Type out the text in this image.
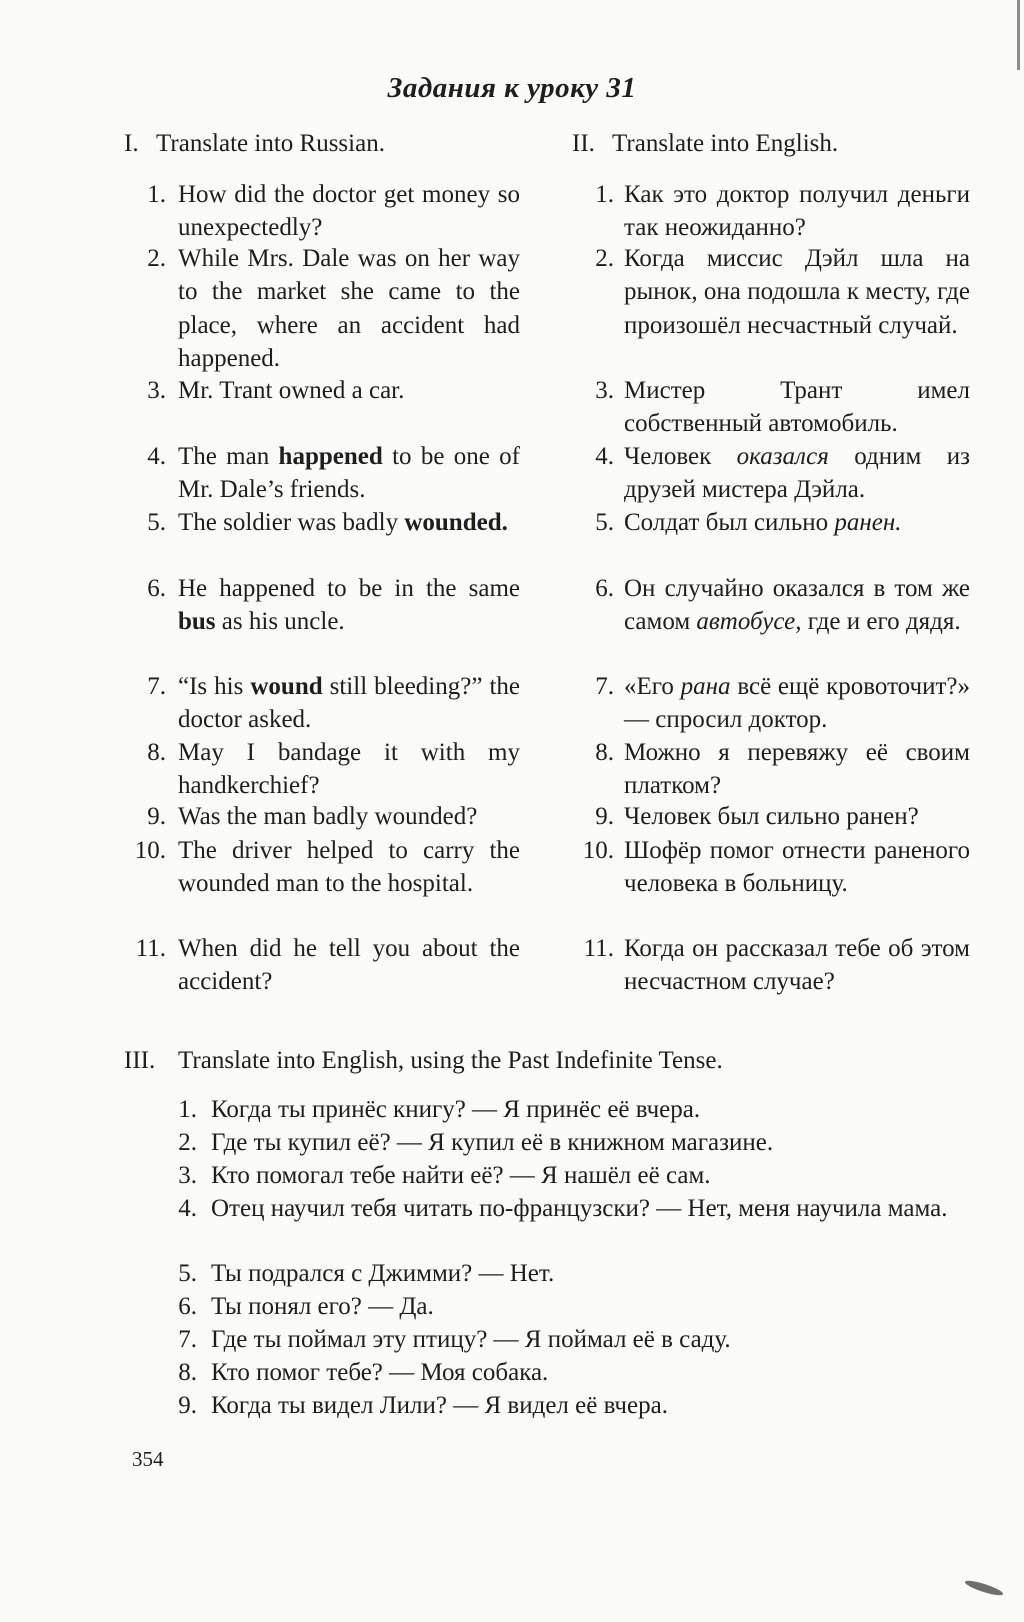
Задания к уроку 31
I. Translate into Russian.	II. Translate into English.
1. How did the doctor get money so unexpectedly?
2. While Mrs. Dale was on her way to the market she came to the place, where an accident had happened.
3. Mr. Trant owned a car.
4. The man happened to be one of Mr. Dale’s friends.
5. The soldier was badly wounded.
6. He happened to be in the same bus as his uncle.
7. “Is his wound still bleeding?” the doctor asked.
8. May I bandage it with my handkerchief?
9. Was the man badly wounded?
10. The driver helped to carry the wounded man to the hospital.
11. When did he tell you about the accident?
1. Как это доктор получил деньги так неожиданно?
2. Когда миссис Дэйл шла на рынок, она подошла к месту, где произошёл несчастный случай.
3. Мистер Трант имел собственный автомобиль.
4. Человек оказался одним из друзей мистера Дэйла.
5. Солдат был сильно ранен.
6. Он случайно оказался в том же самом автобусе, где и его дядя.
7. «Его рана всё ещё кровоточит?» — спросил доктор.
8. Можно я перевяжу её своим платком?
9. Человек был сильно ранен?
10. Шофёр помог отнести раненого человека в больницу.
11. Когда он рассказал тебе об этом несчастном случае?
III. Translate into English, using the Past Indefinite Tense.
1. Когда ты принёс книгу? — Я принёс её вчера.
2. Где ты купил её? — Я купил её в книжном магазине.
3. Кто помогал тебе найти её? — Я нашёл её сам.
4. Отец научил тебя читать по-французски? — Нет, меня научила мама.
5. Ты подрался с Джимми? — Нет.
6. Ты понял его? — Да.
7. Где ты поймал эту птицу? — Я поймал её в саду.
8. Кто помог тебе? — Моя собака.
9. Когда ты видел Лили? — Я видел её вчера.
354
